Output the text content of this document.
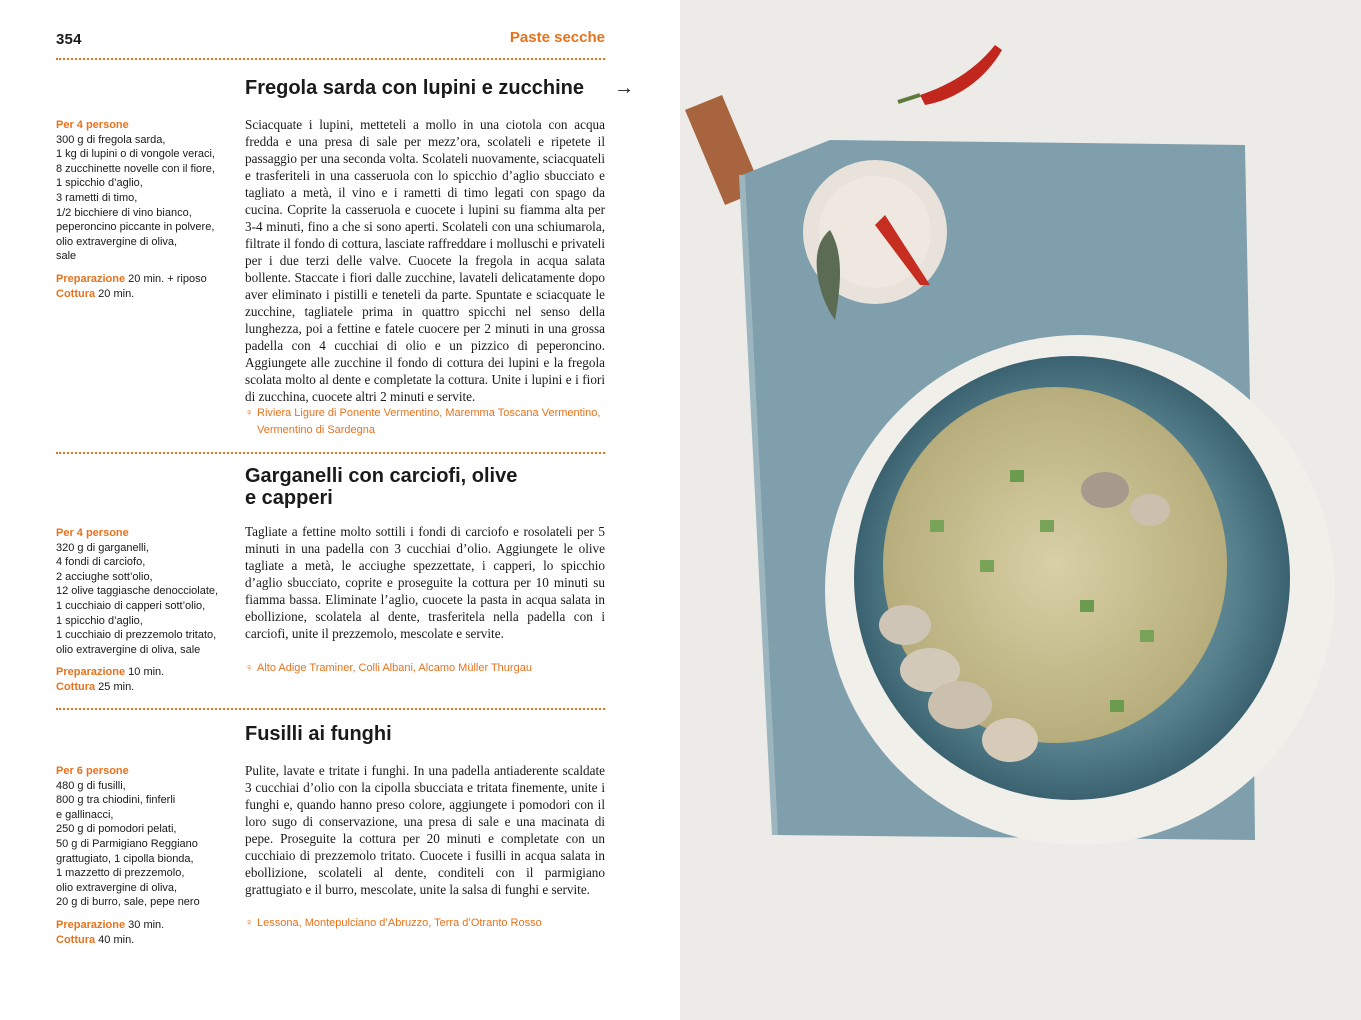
354	Paste secche
Fregola sarda con lupini e zucchine →
Per 4 persone
300 g di fregola sarda,
1 kg di lupini o di vongole veraci,
8 zucchinette novelle con il fiore,
1 spicchio d’aglio,
3 rametti di timo,
1/2 bicchiere di vino bianco,
peperoncino piccante in polvere,
olio extravergine di oliva,
sale
Preparazione 20 min. + riposo
Cottura 20 min.
Sciacquate i lupini, metteteli a mollo in una ciotola con acqua fredda e una presa di sale per mezz’ora, scolateli e ripetete il passaggio per una seconda volta. Scolateli nuovamente, sciacquateli e trasferiteli in una casseruola con lo spicchio d’aglio sbucciato e tagliato a metà, il vino e i rametti di timo legati con spago da cucina. Coprite la casseruola e cuocete i lupini su fiamma alta per 3-4 minuti, fino a che si sono aperti. Scolateli con una schiumarola, filtrate il fondo di cottura, lasciate raffreddare i molluschi e privateli per i due terzi delle valve. Cuocete la fregola in acqua salata bollente. Staccate i fiori dalle zucchine, lavateli delicatamente dopo aver eliminato i pistilli e teneteli da parte. Spuntate e sciacquate le zucchine, tagliatele prima in quattro spicchi nel senso della lunghezza, poi a fettine e fatele cuocere per 2 minuti in una grossa padella con 4 cucchiai di olio e un pizzico di peperoncino. Aggiungete alle zucchine il fondo di cottura dei lupini e la fregola scolata molto al dente e completate la cottura. Unite i lupini e i fiori di zucchina, cuocete altri 2 minuti e servite.
♀ Riviera Ligure di Ponente Vermentino, Maremma Toscana Vermentino,
Vermentino di Sardegna
Garganelli con carciofi, olive
e capperi
Per 4 persone
320 g di garganelli,
4 fondi di carciofo,
2 acciughe sott’olio,
12 olive taggiasche denocciolate,
1 cucchiaio di capperi sott’olio,
1 spicchio d’aglio,
1 cucchiaio di prezzemolo tritato,
olio extravergine di oliva, sale
Preparazione 10 min.
Cottura 25 min.
Tagliate a fettine molto sottili i fondi di carciofo e rosolateli per 5 minuti in una padella con 3 cucchiai d’olio. Aggiungete le olive tagliate a metà, le acciughe spezzettate, i capperi, lo spicchio d’aglio sbucciato, coprite e proseguite la cottura per 10 minuti su fiamma bassa. Eliminate l’aglio, cuocete la pasta in acqua salata in ebollizione, scolatela al dente, trasferitela nella padella con i carciofi, unite il prezzemolo, mescolate e servite.
♀ Alto Adige Traminer, Colli Albani, Alcamo Müller Thurgau
Fusilli ai funghi
Per 6 persone
480 g di fusilli,
800 g tra chiodini, finferli
e gallinacci,
250 g di pomodori pelati,
50 g di Parmigiano Reggiano
grattugiato, 1 cipolla bionda,
1 mazzetto di prezzemolo,
olio extravergine di oliva,
20 g di burro, sale, pepe nero
Preparazione 30 min.
Cottura 40 min.
Pulite, lavate e tritate i funghi. In una padella antiaderente scaldate 3 cucchiai d’olio con la cipolla sbucciata e tritata finemente, unite i funghi e, quando hanno preso colore, aggiungete i pomodori con il loro sugo di conservazione, una presa di sale e una macinata di pepe. Proseguite la cottura per 20 minuti e completate con un cucchiaio di prezzemolo tritato. Cuocete i fusilli in acqua salata in ebollizione, scolateli al dente, conditeli con il parmigiano grattugiato e il burro, mescolate, unite la salsa di funghi e servite.
♀ Lessona, Montepulciano d’Abruzzo, Terra d’Otranto Rosso
